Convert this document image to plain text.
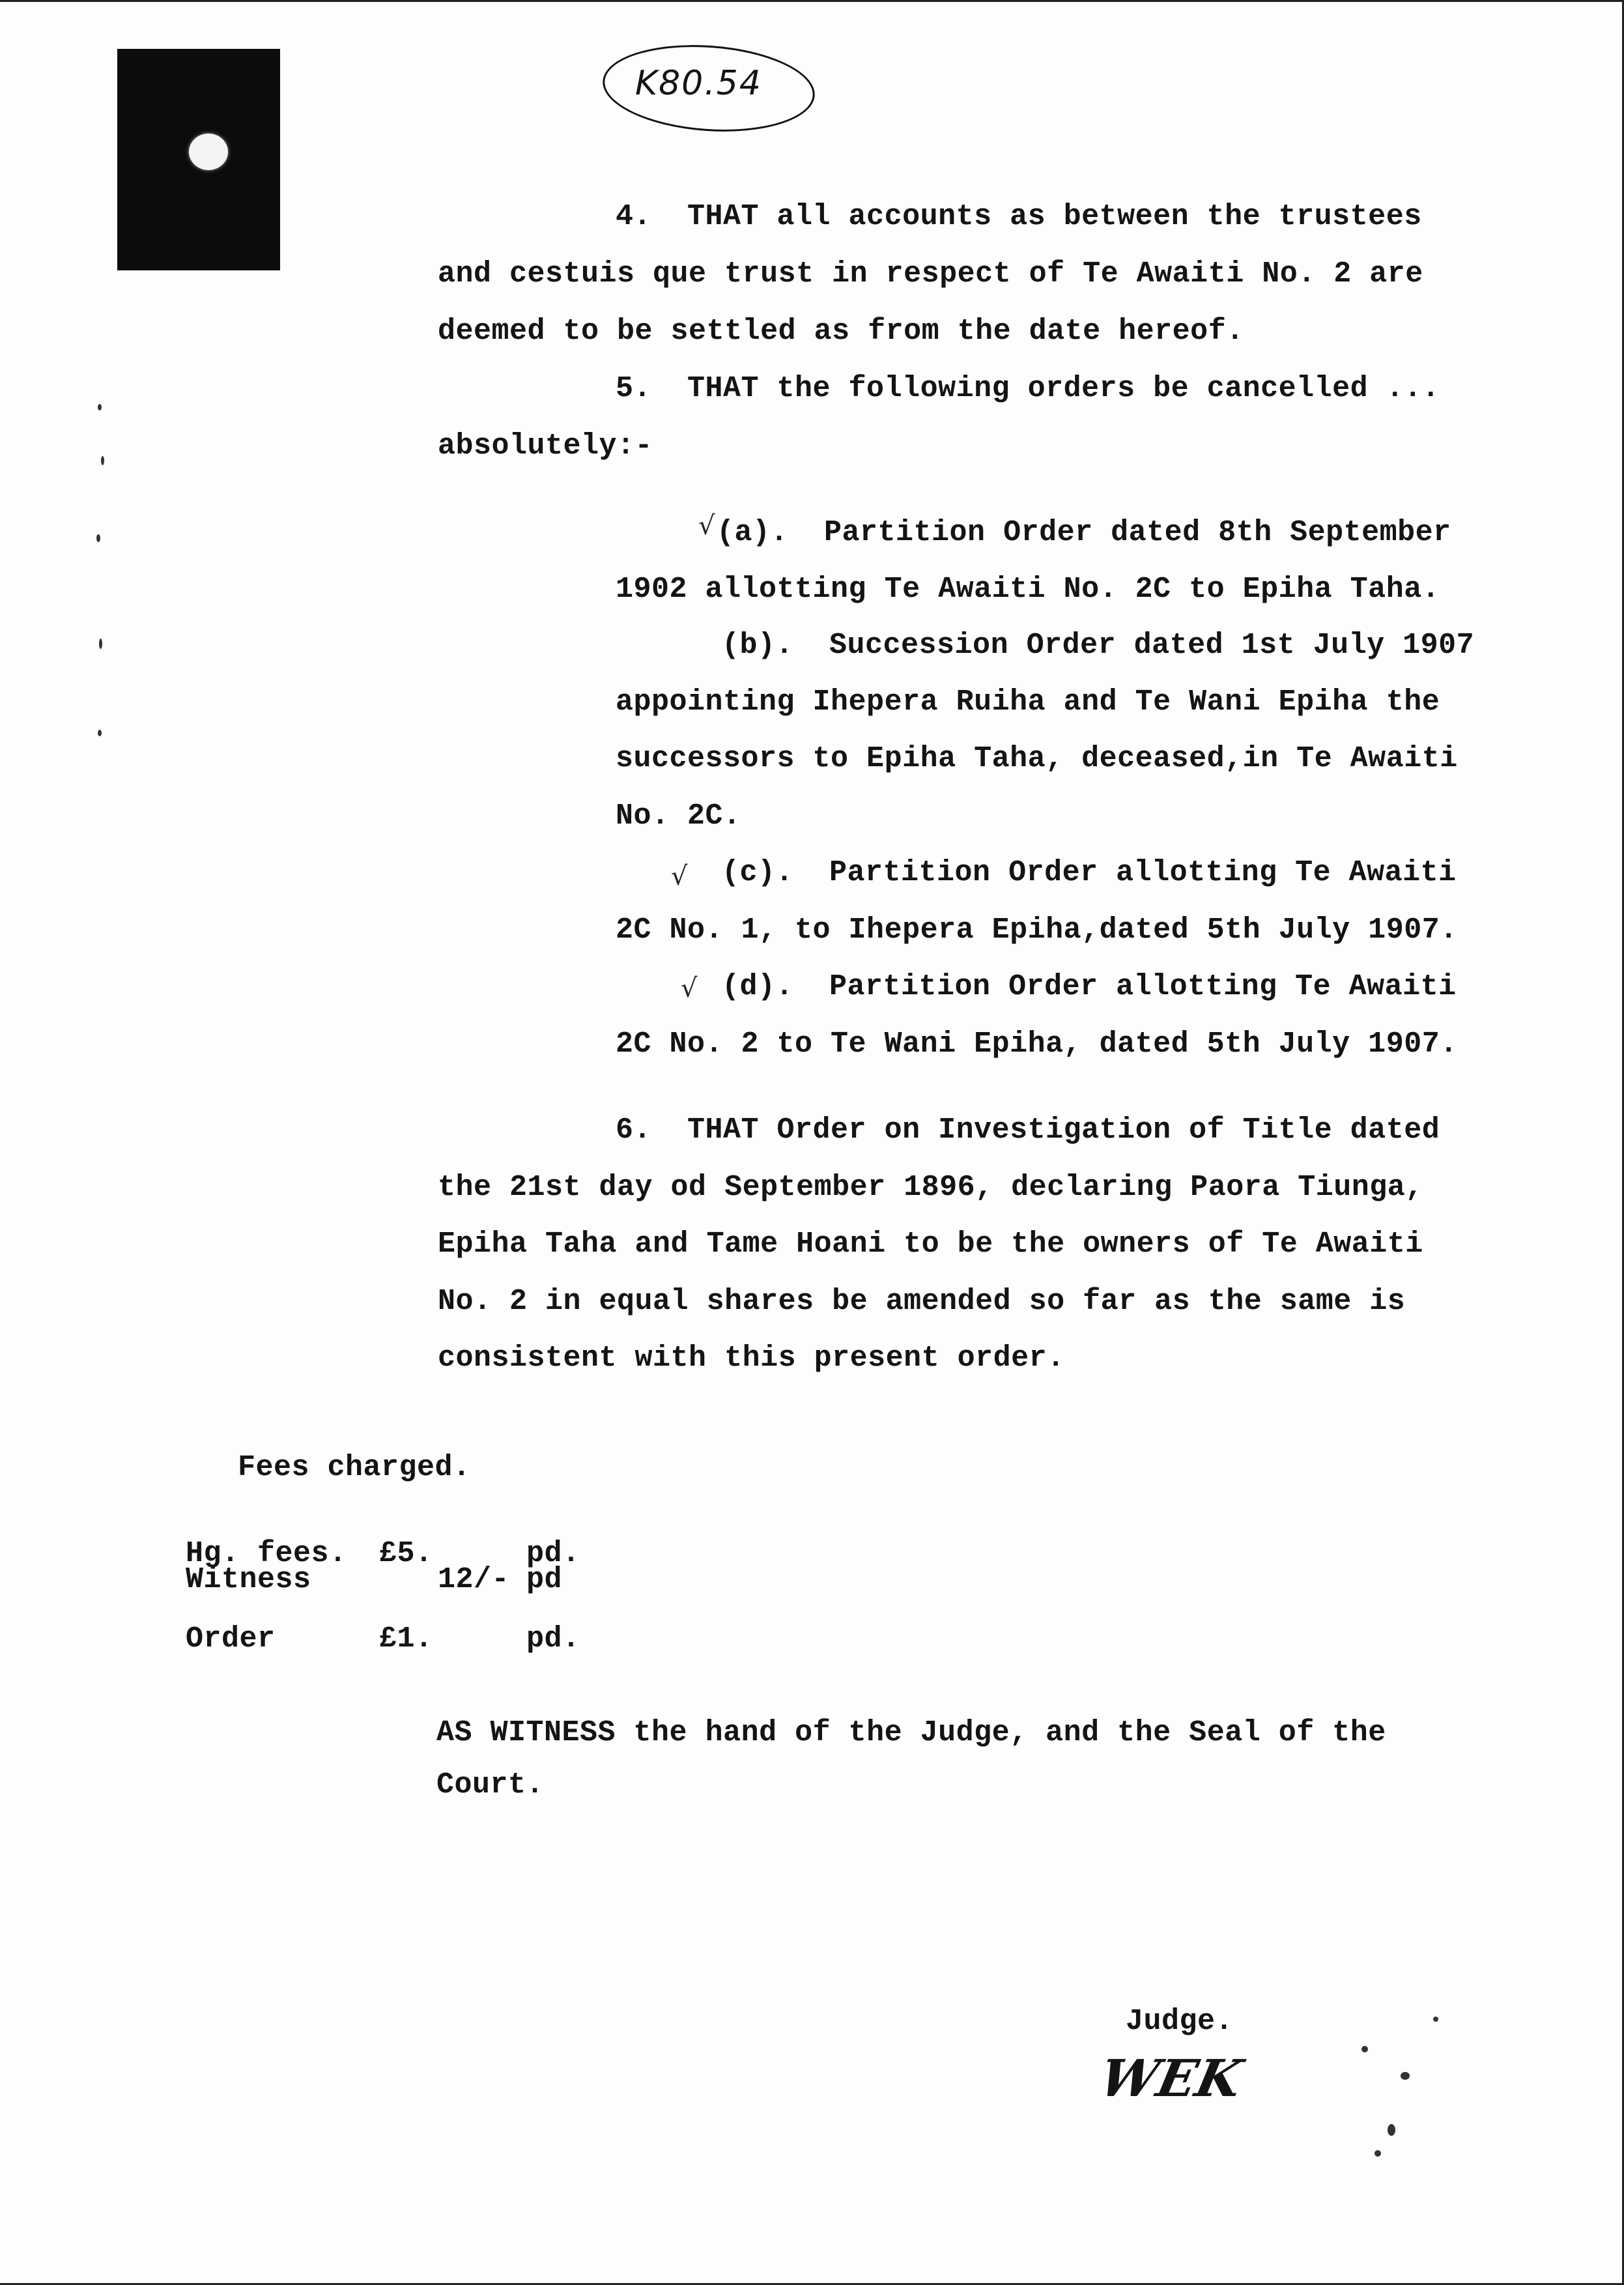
K80.54
4.  THAT all accounts as between the trustees
and cestuis que trust in respect of Te Awaiti No. 2 are
deemed to be settled as from the date hereof.
5.  THAT the following orders be cancelled ...
absolutely:-
√ (a).  Partition Order dated 8th September
1902 allotting Te Awaiti No. 2C to Epiha Taha.
(b).  Succession Order dated 1st July 1907
appointing Ihepera Ruiha and Te Wani Epiha the
successors to Epiha Taha, deceased,in Te Awaiti
No. 2C.
√ (c).  Partition Order allotting Te Awaiti
2C No. 1, to Ihepera Epiha,dated 5th July 1907.
√ (d).  Partition Order allotting Te Awaiti
2C No. 2 to Te Wani Epiha, dated 5th July 1907.
6.  THAT Order on Investigation of Title dated
the 21st day od September 1896, declaring Paora Tiunga,
Epiha Taha and Tame Hoani to be the owners of Te Awaiti
No. 2 in equal shares be amended so far as the same is
consistent with this present order.
Fees charged.
Hg. fees. £5.	pd.
Witness	12/- pd
Order	£1.	pd.
AS WITNESS the hand of the Judge, and the Seal of the
Court.
Judge.
WEK
